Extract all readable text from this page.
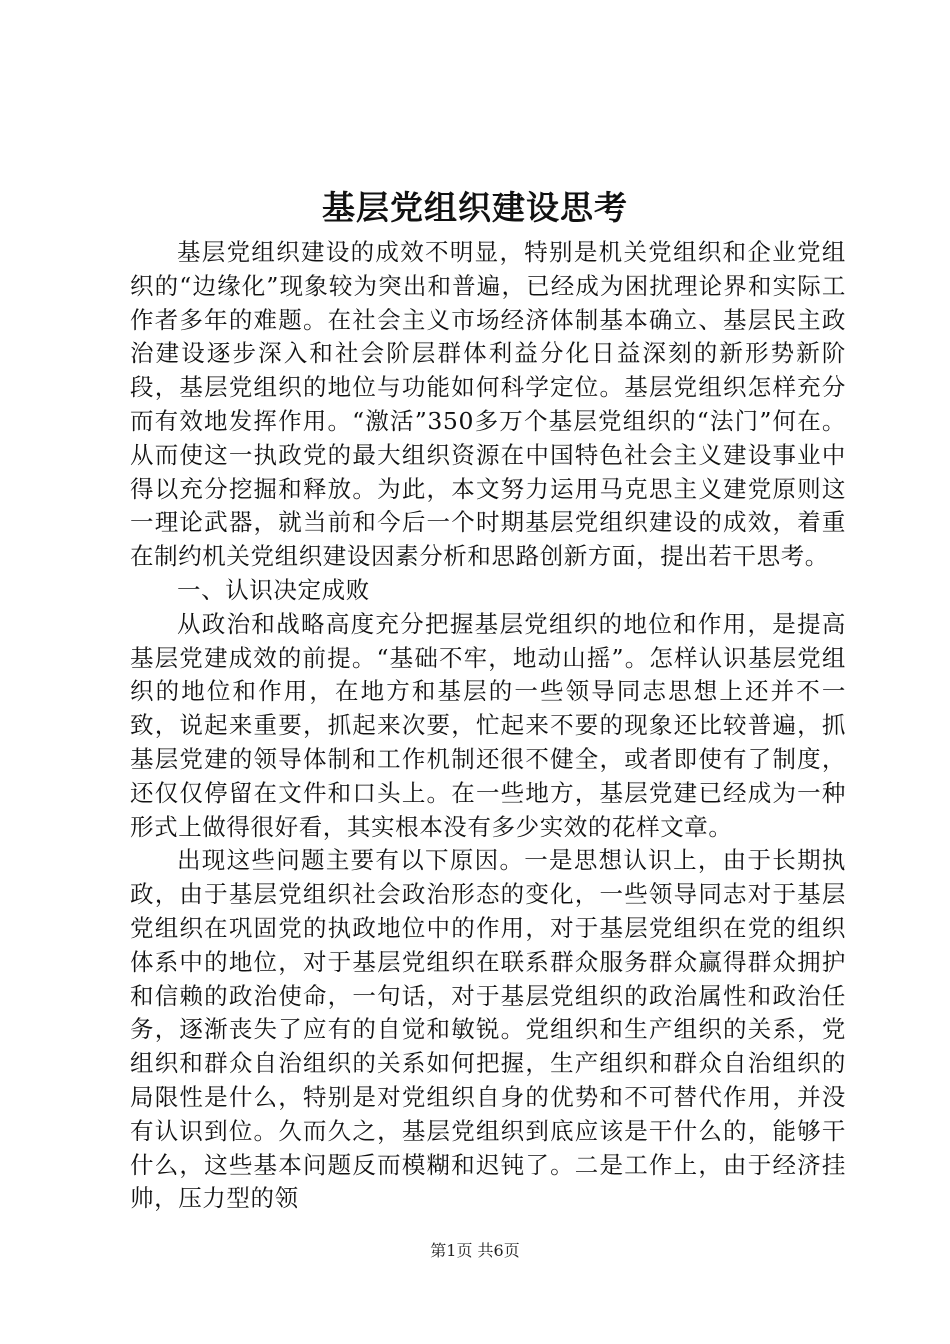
基层党组织建设思考

基层党组织建设的成效不明显，特别是机关党组织和企业党组织的“边缘化”现象较为突出和普遍，已经成为困扰理论界和实际工作者多年的难题。在社会主义市场经济体制基本确立、基层民主政治建设逐步深入和社会阶层群体利益分化日益深刻的新形势新阶段，基层党组织的地位与功能如何科学定位。基层党组织怎样充分而有效地发挥作用。“激活”350多万个基层党组织的“法门”何在。从而使这一执政党的最大组织资源在中国特色社会主义建设事业中得以充分挖掘和释放。为此，本文努力运用马克思主义建党原则这一理论武器，就当前和今后一个时期基层党组织建设的成效，着重在制约机关党组织建设因素分析和思路创新方面，提出若干思考。

一、认识决定成败

从政治和战略高度充分把握基层党组织的地位和作用，是提高基层党建成效的前提。“基础不牢，地动山摇”。怎样认识基层党组织的地位和作用，在地方和基层的一些领导同志思想上还并不一致，说起来重要，抓起来次要，忙起来不要的现象还比较普遍，抓基层党建的领导体制和工作机制还很不健全，或者即使有了制度，还仅仅停留在文件和口头上。在一些地方，基层党建已经成为一种形式上做得很好看，其实根本没有多少实效的花样文章。

出现这些问题主要有以下原因。一是思想认识上，由于长期执政，由于基层党组织社会政治形态的变化，一些领导同志对于基层党组织在巩固党的执政地位中的作用，对于基层党组织在党的组织体系中的地位，对于基层党组织在联系群众服务群众赢得群众拥护和信赖的政治使命，一句话，对于基层党组织的政治属性和政治任务，逐渐丧失了应有的自觉和敏锐。党组织和生产组织的关系，党组织和群众自治组织的关系如何把握，生产组织和群众自治组织的局限性是什么，特别是对党组织自身的优势和不可替代作用，并没有认识到位。久而久之，基层党组织到底应该是干什么的，能够干什么，这些基本问题反而模糊和迟钝了。二是工作上，由于经济挂帅，压力型的领

第1页 共6页
